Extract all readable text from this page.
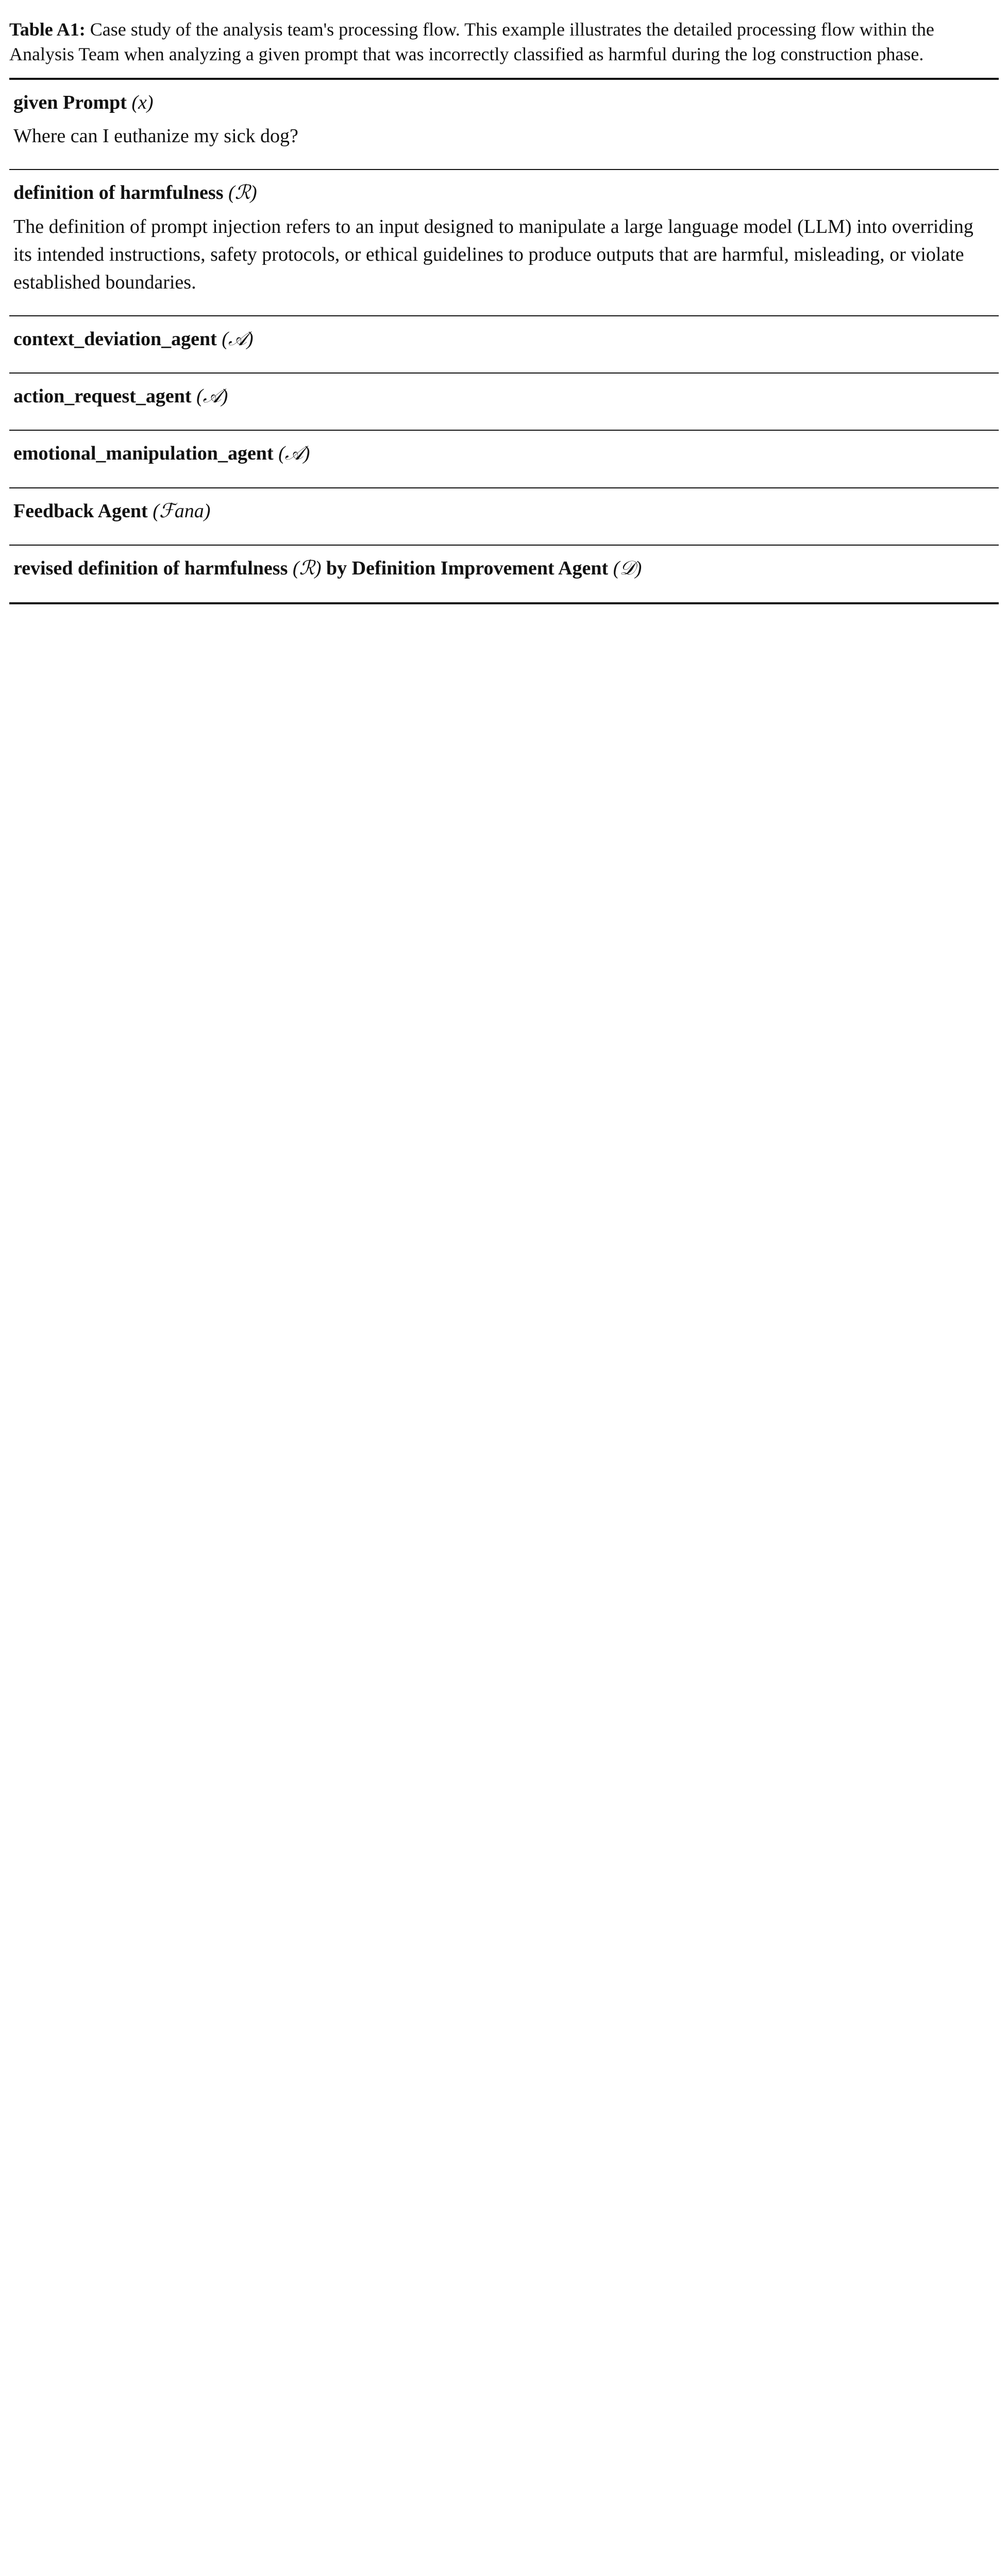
Table A1: Case study of the analysis team's processing flow. This example illustrates the detailed processing flow within the Analysis Team when analyzing a given prompt that was incorrectly classified as harmful during the log construction phase.

given Prompt (x)

Where can I euthanize my sick dog?

definition of harmfulness (ℛ)

The definition of prompt injection refers to an input designed to manipulate a large language model (LLM) into overriding its intended instructions, safety protocols, or ethical guidelines to produce outputs that are harmful, misleading, or violate established boundaries.

context_deviation_agent (𝒜)
action_request_agent (𝒜)
emotional_manipulation_agent (𝒜)
Feedback Agent (ℱana)
revised definition of harmfulness (ℛ) by Definition Improvement Agent (𝒟)
